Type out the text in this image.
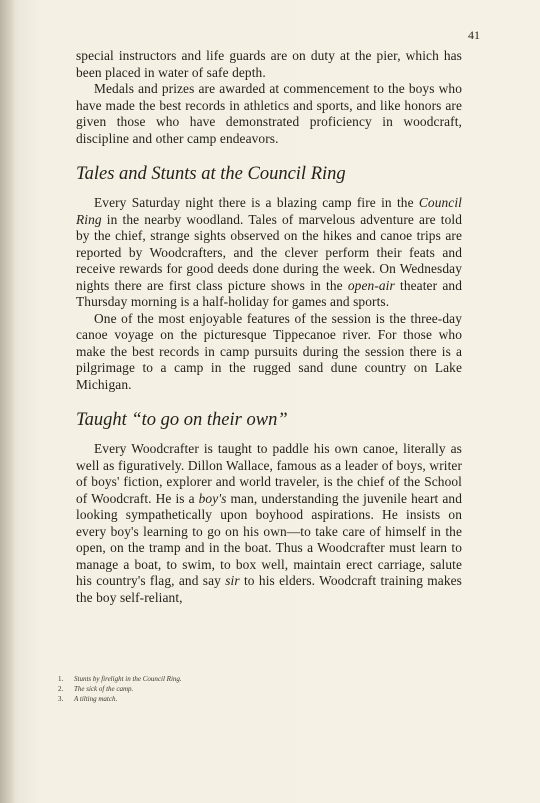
41

special instructors and life guards are on duty at the pier, which has been placed in water of safe depth.

Medals and prizes are awarded at commencement to the boys who have made the best records in athletics and sports, and like honors are given those who have demonstrated proficiency in woodcraft, discipline and other camp endeavors.

Tales and Stunts at the Council Ring

Every Saturday night there is a blazing camp fire in the Council Ring in the nearby woodland. Tales of marvelous adventure are told by the chief, strange sights observed on the hikes and canoe trips are reported by Woodcrafters, and the clever perform their feats and receive rewards for good deeds done during the week. On Wednesday nights there are first class picture shows in the open-air theater and Thursday morning is a half-holiday for games and sports.

One of the most enjoyable features of the session is the three-day canoe voyage on the picturesque Tippecanoe river. For those who make the best records in camp pursuits during the session there is a pilgrimage to a camp in the rugged sand dune country on Lake Michigan.

Taught “to go on their own”

Every Woodcrafter is taught to paddle his own canoe, literally as well as figuratively. Dillon Wallace, famous as a leader of boys, writer of boys' fiction, explorer and world traveler, is the chief of the School of Woodcraft. He is a boy's man, understanding the juvenile heart and looking sympathetically upon boyhood aspirations. He insists on every boy's learning to go on his own—to take care of himself in the open, on the tramp and in the boat. Thus a Woodcrafter must learn to manage a boat, to swim, to box well, maintain erect carriage, salute his country's flag, and say sir to his elders. Woodcraft training makes the boy self-reliant,

1. Stunts by firelight in the Council Ring.
2. The sick of the camp.
3. A tilting match.
